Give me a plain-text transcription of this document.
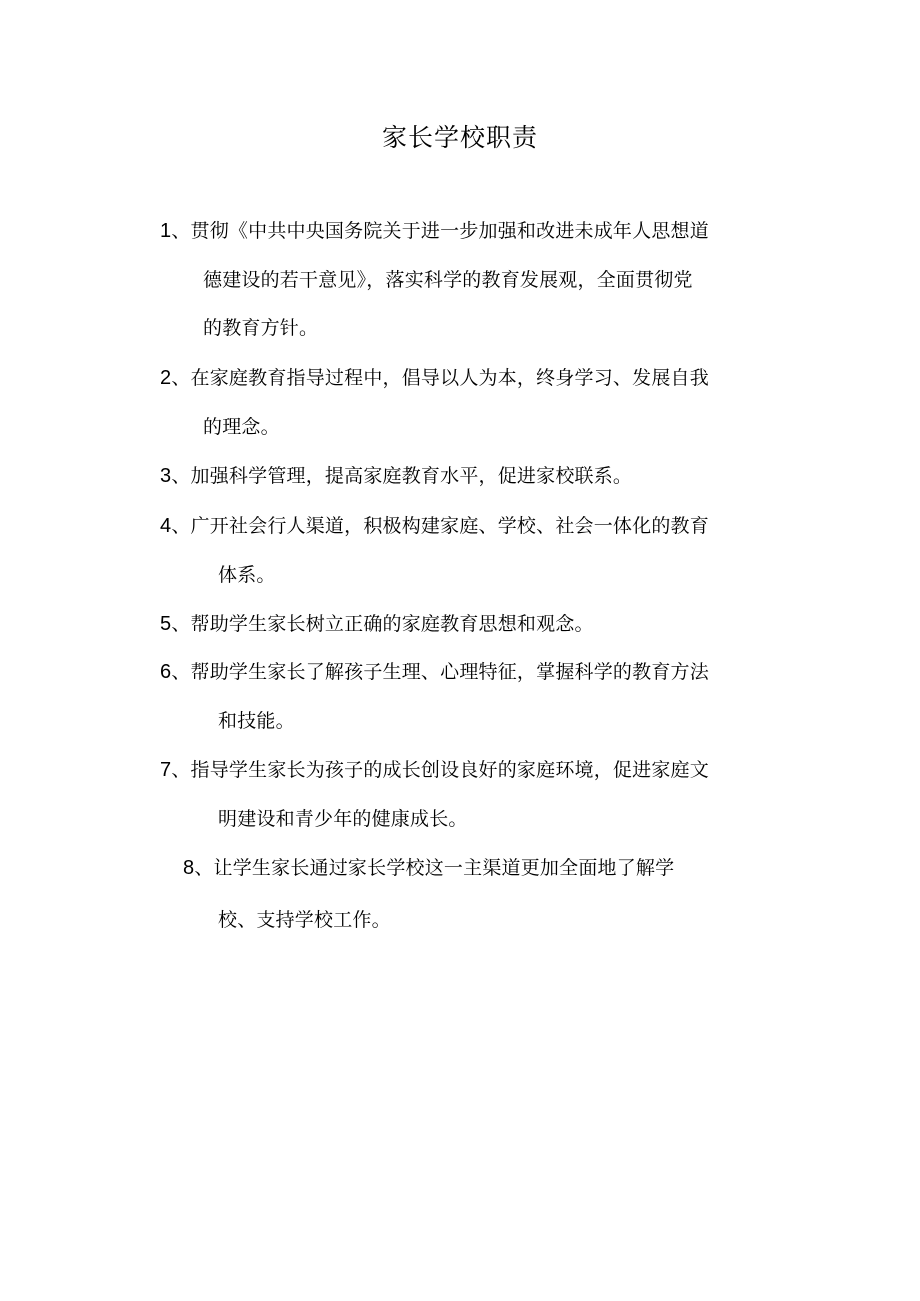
家长学校职责
1、贯彻《中共中央国务院关于进一步加强和改进未成年人思想道
德建设的若干意见》，落实科学的教育发展观，全面贯彻党
的教育方针。
2、在家庭教育指导过程中，倡导以人为本，终身学习、发展自我
的理念。
3、加强科学管理，提高家庭教育水平，促进家校联系。
4、广开社会行人渠道，积极构建家庭、学校、社会一体化的教育
体系。
5、帮助学生家长树立正确的家庭教育思想和观念。
6、帮助学生家长了解孩子生理、心理特征，掌握科学的教育方法
和技能。
7、指导学生家长为孩子的成长创设良好的家庭环境，促进家庭文
明建设和青少年的健康成长。
8、让学生家长通过家长学校这一主渠道更加全面地了解学
校、支持学校工作。
